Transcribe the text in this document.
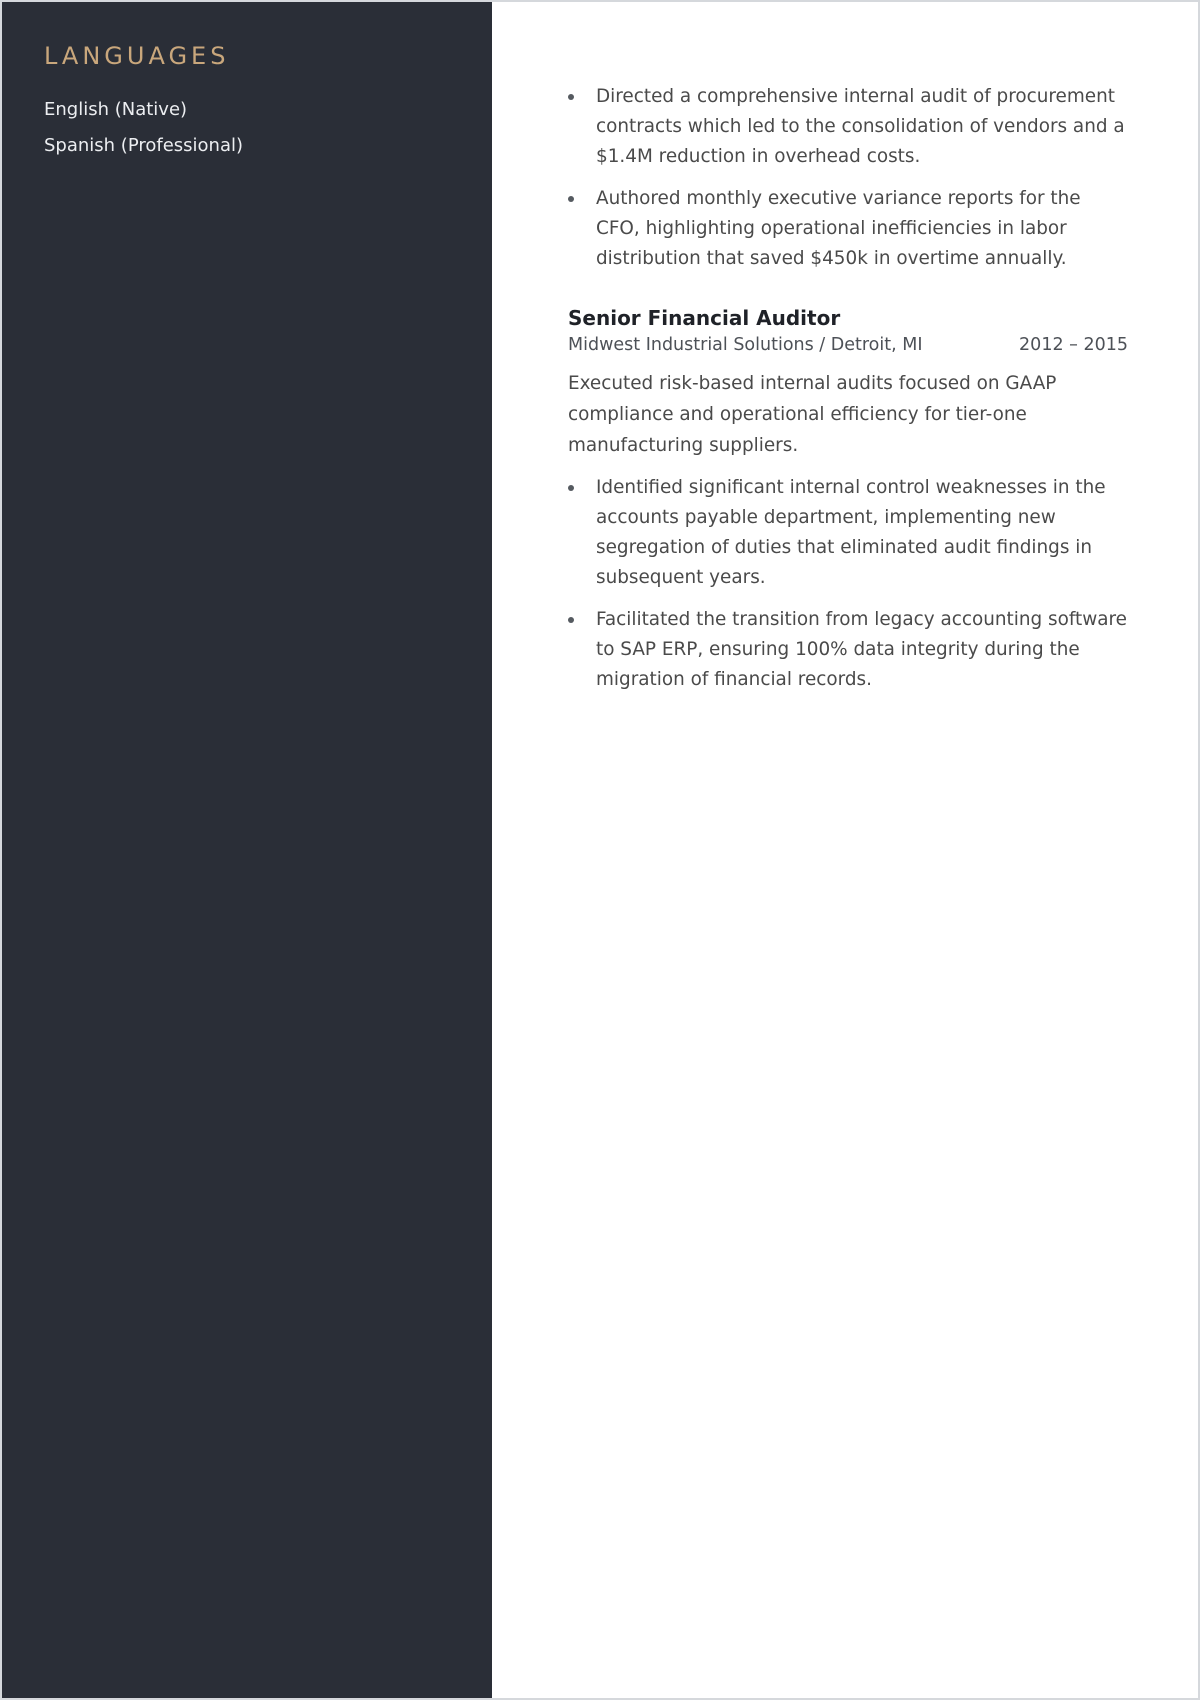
LANGUAGES
English (Native)
Spanish (Professional)
Directed a comprehensive internal audit of procurement contracts which led to the consolidation of vendors and a $1.4M reduction in overhead costs.
Authored monthly executive variance reports for the CFO, highlighting operational inefficiencies in labor distribution that saved $450k in overtime annually.
Senior Financial Auditor
Midwest Industrial Solutions / Detroit, MI	2012 – 2015

Executed risk-based internal audits focused on GAAP compliance and operational efficiency for tier-one manufacturing suppliers.

Identified significant internal control weaknesses in the accounts payable department, implementing new segregation of duties that eliminated audit findings in subsequent years.
Facilitated the transition from legacy accounting software to SAP ERP, ensuring 100% data integrity during the migration of financial records.
